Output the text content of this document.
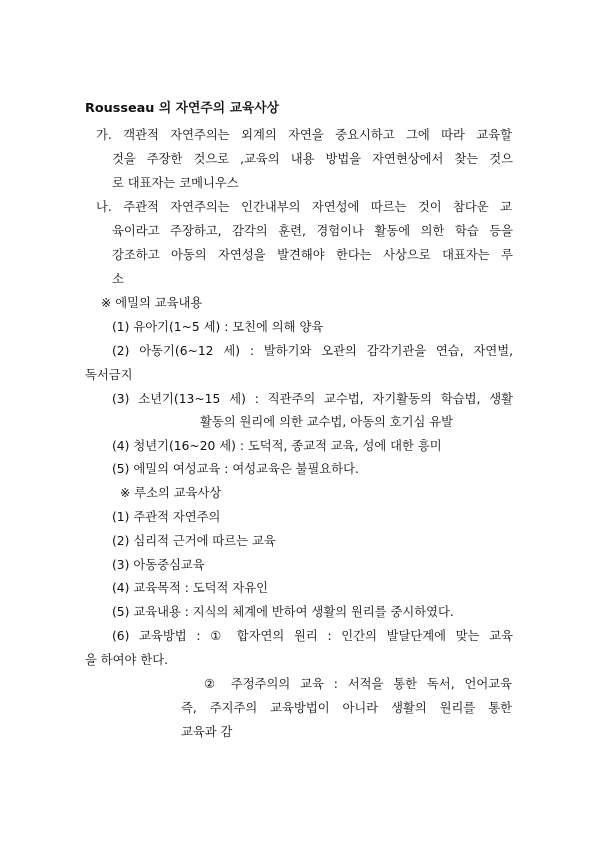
Rousseau 의 자연주의 교육사상
가. 객관적 자연주의는 외계의 자연을 중요시하고 그에 따라 교육할
것을 주장한 것으로 ,교육의 내용 방법을 자연현상에서 찾는 것으
로 대표자는 코메니우스
나. 주관적 자연주의는 인간내부의 자연성에 따르는 것이 참다운 교
육이라고 주장하고, 감각의 훈련, 경험이나 활동에 의한 학습 등을
강조하고 아동의 자연성을 발견해야 한다는 사상으로 대표자는 루
소
※ 에밀의 교육내용
(1) 유아기(1~5 세) : 모친에 의해 양육
(2) 아동기(6~12 세) : 발하기와 오관의 감각기관을 연습, 자연벌,
독서금지
(3) 소년기(13~15 세) : 직관주의 교수법, 자기활동의 학습법, 생활
활동의 원리에 의한 교수법, 아동의 호기심 유발
(4) 청년기(16~20 세) : 도덕적, 종교적 교육, 성에 대한 흥미
(5) 에밀의 여성교육 : 여성교육은 불필요하다.
※ 루소의 교육사상
(1) 주관적 자연주의
(2) 심리적 근거에 따르는 교육
(3) 아동중심교육
(4) 교육목적 : 도덕적 자유인
(5) 교육내용 : 지식의 체계에 반하여 생활의 원리를 중시하였다.
(6) 교육방법 : ① 합자연의 원리 : 인간의 발달단계에 맞는 교육
을 하여야 한다.
② 주정주의의 교육 : 서적을 통한 독서, 언어교육
즉, 주지주의 교육방법이 아니라 생활의 원리를 통한
교육과 감
